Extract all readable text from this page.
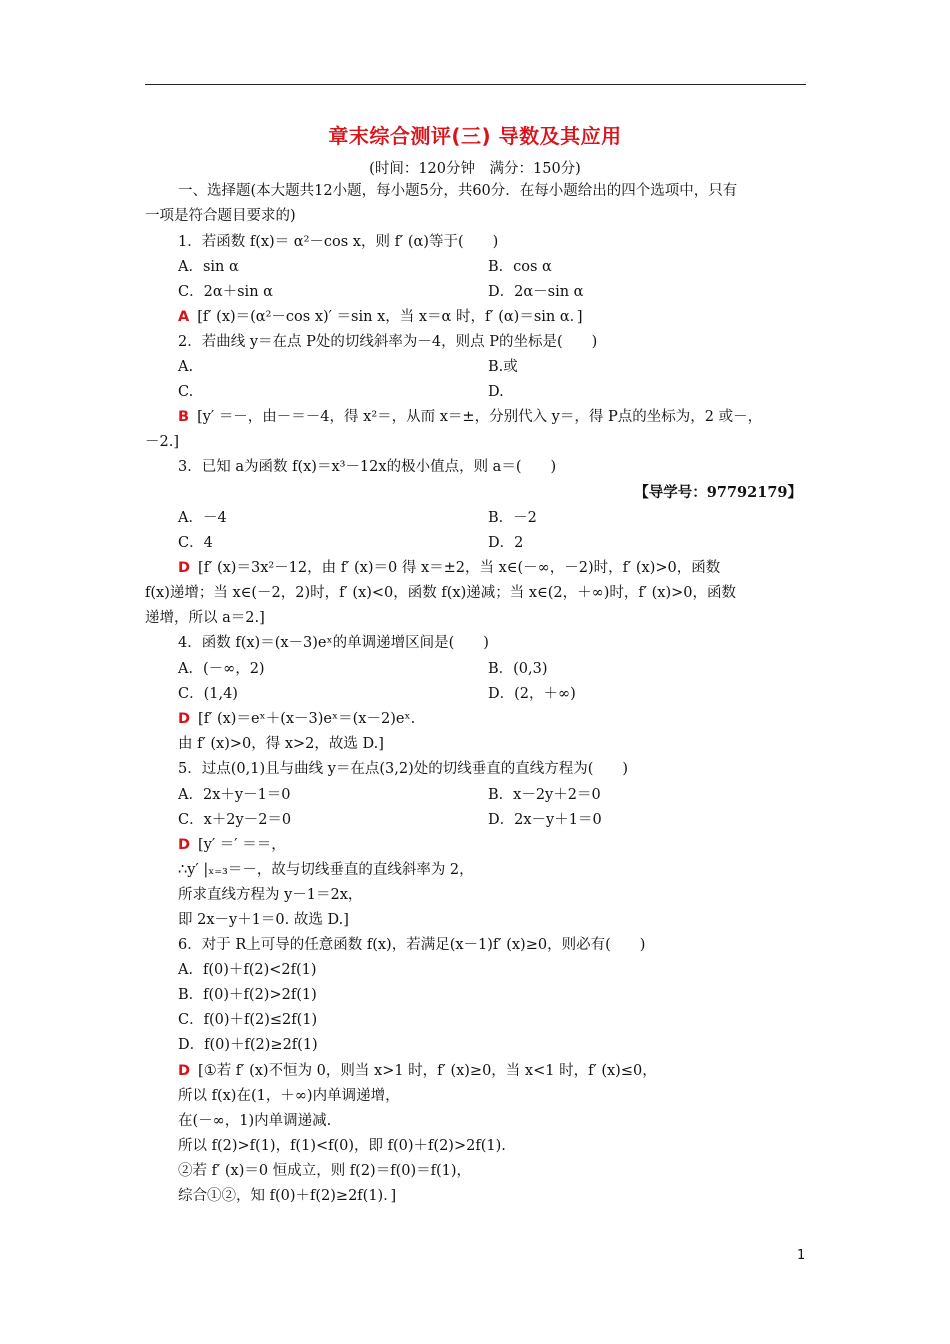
章末综合测评(三) 导数及其应用
(时间：120分钟　满分：150分)
一、选择题(本大题共12小题，每小题5分，共60分．在每小题给出的四个选项中，只有
一项是符合题目要求的)
1．若函数 f(x)＝ α²－cos x，则 f′ (α)等于(　　)
A．sin α	B．cos α
C．2α＋sin α	D．2α－sin α
A [f′ (x)＝(α²－cos x)′ ＝sin x，当 x＝α 时，f′ (α)＝sin α．]
2．若曲线 y＝在点 P处的切线斜率为－4，则点 P的坐标是(　　)
A.	B.或
C.	D.
B [y′ ＝－，由－＝－4，得 x²＝，从而 x＝±，分别代入 y＝，得 P点的坐标为，2 或－，
－2.]
3．已知 a为函数 f(x)＝x³－12x的极小值点，则 a＝(　　)
【导学号：97792179】
A．－4	B．－2
C．4	D．2
D [f′ (x)＝3x²－12，由 f′ (x)＝0 得 x＝±2，当 x∈(－∞，－2)时，f′ (x)>0，函数
f(x)递增；当 x∈(－2，2)时，f′ (x)<0，函数 f(x)递减；当 x∈(2，＋∞)时，f′ (x)>0，函数
递增，所以 a＝2.]
4．函数 f(x)＝(x－3)eˣ的单调递增区间是(　　)
A．(－∞，2)	B．(0,3)
C．(1,4)	D．(2，＋∞)
D [f′ (x)＝eˣ＋(x－3)eˣ＝(x－2)eˣ.
由 f′ (x)>0，得 x>2，故选 D.]
5．过点(0,1)且与曲线 y＝在点(3,2)处的切线垂直的直线方程为(　　)
A．2x＋y－1＝0	B．x－2y＋2＝0
C．x＋2y－2＝0	D．2x－y＋1＝0
D [y′ ＝′ ＝＝，
∴y′ |ₓ₌₃＝－，故与切线垂直的直线斜率为 2，
所求直线方程为 y－1＝2x，
即 2x－y＋1＝0. 故选 D.]
6．对于 R上可导的任意函数 f(x)，若满足(x－1)f′ (x)≥0，则必有(　　)
A．f(0)＋f(2)<2f(1)
B．f(0)＋f(2)>2f(1)
C．f(0)＋f(2)≤2f(1)
D．f(0)＋f(2)≥2f(1)
D [①若 f′ (x)不恒为 0，则当 x>1 时，f′ (x)≥0，当 x<1 时，f′ (x)≤0，
所以 f(x)在(1，＋∞)内单调递增，
在(－∞，1)内单调递减.
所以 f(2)>f(1)，f(1)<f(0)，即 f(0)＋f(2)>2f(1).
②若 f′ (x)＝0 恒成立，则 f(2)＝f(0)＝f(1)，
综合①②，知 f(0)＋f(2)≥2f(1)．]
1
